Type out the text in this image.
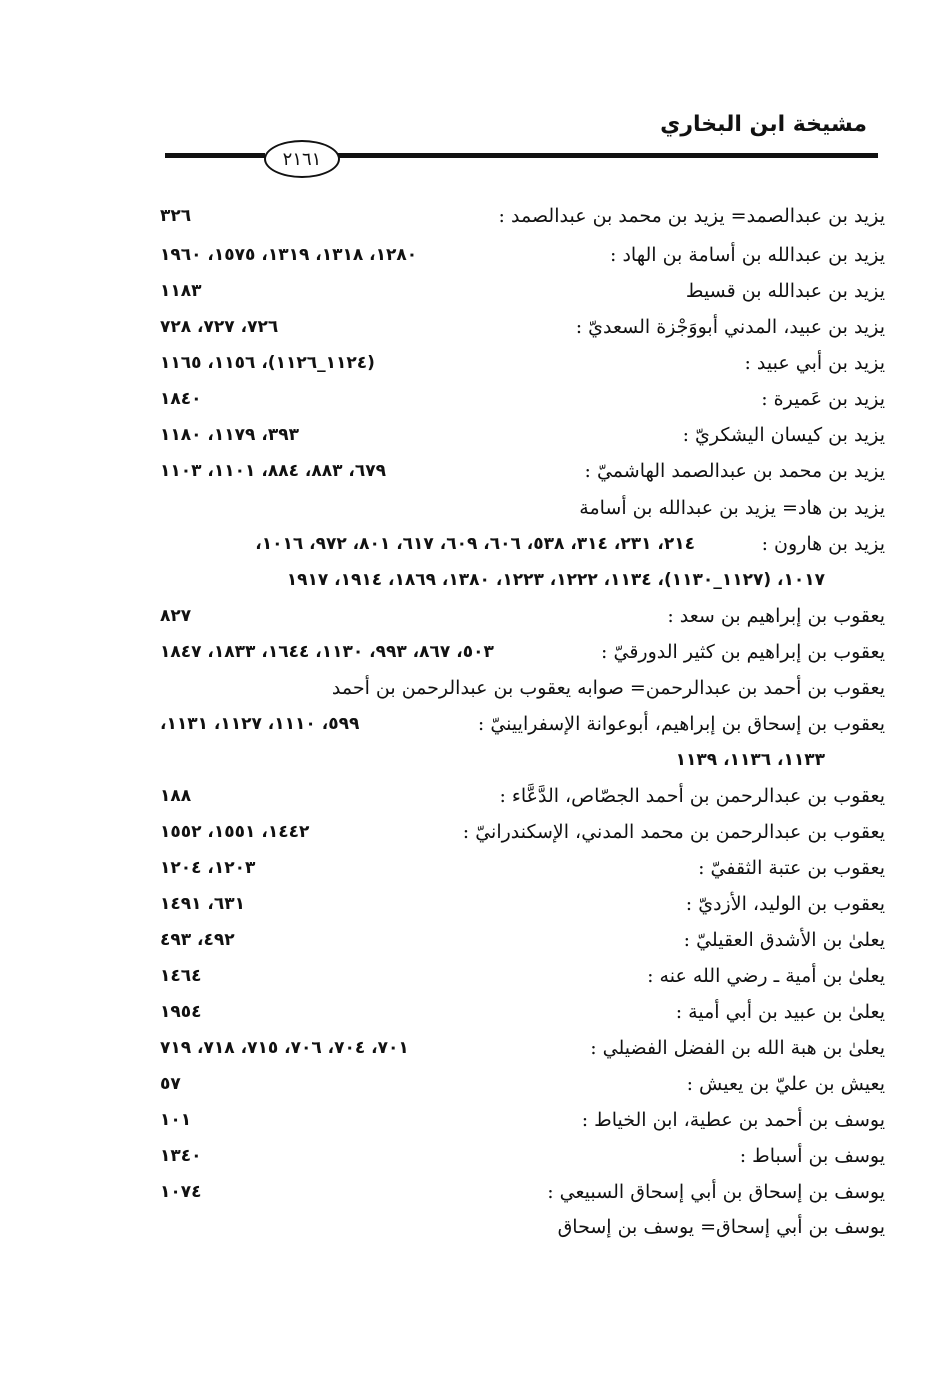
مشيخة ابن البخاري
٢١٦١
يزيد بن عبدالصمد= يزيد بن محمد بن عبدالصمد :
٣٢٦
يزيد بن عبدالله بن أسامة بن الهاد :
١٢٨٠، ١٣١٨، ١٣١٩، ١٥٧٥، ١٩٦٠
يزيد بن عبدالله بن قسيط
١١٨٣
يزيد بن عبيد، المدني أبووَجْزة السعديّ :
٧٢٦، ٧٢٧، ٧٢٨
يزيد بن أبي عبيد :
(١١٢٤_١١٢٦)، ١١٥٦، ١١٦٥
يزيد بن عَميرة :
١٨٤٠
يزيد بن كيسان اليشكريّ :
٣٩٣، ١١٧٩، ١١٨٠
يزيد بن محمد بن عبدالصمد الهاشميّ :
٦٧٩، ٨٨٣، ٨٨٤، ١١٠١، ١١٠٣
يزيد بن هاد= يزيد بن عبدالله بن أسامة
يزيد بن هارون :
٢١٤، ٢٣١، ٣١٤، ٥٣٨، ٦٠٦، ٦٠٩، ٦١٧، ٨٠١، ٩٧٢، ١٠١٦،
١٠١٧، (١١٢٧_١١٣٠)، ١١٣٤، ١٢٢٢، ١٢٢٣، ١٣٨٠، ١٨٦٩، ١٩١٤، ١٩١٧
يعقوب بن إبراهيم بن سعد :
٨٢٧
يعقوب بن إبراهيم بن كثير الدورقيّ :
٥٠٣، ٨٦٧، ٩٩٣، ١١٣٠، ١٦٤٤، ١٨٣٣، ١٨٤٧
يعقوب بن أحمد بن عبدالرحمن= صوابه يعقوب بن عبدالرحمن بن أحمد
يعقوب بن إسحاق بن إبراهيم، أبوعوانة الإسفرايينيّ :
٥٩٩، ١١١٠، ١١٢٧، ١١٣١،
١١٣٣، ١١٣٦، ١١٣٩
يعقوب بن عبدالرحمن بن أحمد الجصّاص، الدَّعَّاء :
١٨٨
يعقوب بن عبدالرحمن بن محمد المدني، الإسكندرانيّ :
١٤٤٢، ١٥٥١، ١٥٥٢
يعقوب بن عتبة الثقفيّ :
١٢٠٣، ١٢٠٤
يعقوب بن الوليد، الأزديّ :
٦٣١، ١٤٩١
يعلىٰ بن الأشدق العقيليّ :
٤٩٢، ٤٩٣
يعلىٰ بن أمية ـ رضي الله عنه :
١٤٦٤
يعلىٰ بن عبيد بن أبي أمية :
١٩٥٤
يعلىٰ بن هبة الله بن الفضل الفضيلي :
٧٠١، ٧٠٤، ٧٠٦، ٧١٥، ٧١٨، ٧١٩
يعيش بن عليّ بن يعيش :
٥٧
يوسف بن أحمد بن عطية، ابن الخياط :
١٠١
يوسف بن أسباط :
١٣٤٠
يوسف بن إسحاق بن أبي إسحاق السبيعي :
١٠٧٤
يوسف بن أبي إسحاق= يوسف بن إسحاق
